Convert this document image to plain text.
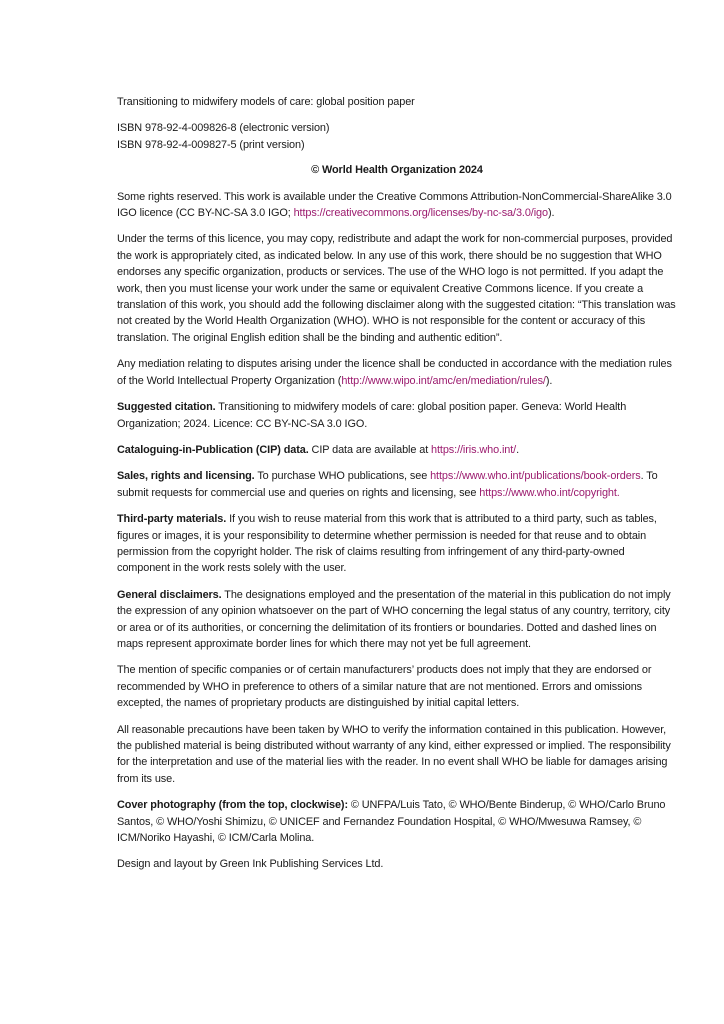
Transitioning to midwifery models of care: global position paper

ISBN 978-92-4-009826-8 (electronic version)

ISBN 978-92-4-009827-5 (print version)

© World Health Organization 2024

Some rights reserved. This work is available under the Creative Commons Attribution-NonCommercial-ShareAlike 3.0 IGO licence (CC BY-NC-SA 3.0 IGO; https://creativecommons.org/licenses/by-nc-sa/3.0/igo).

Under the terms of this licence, you may copy, redistribute and adapt the work for non-commercial purposes, provided the work is appropriately cited, as indicated below. In any use of this work, there should be no suggestion that WHO endorses any specific organization, products or services. The use of the WHO logo is not permitted. If you adapt the work, then you must license your work under the same or equivalent Creative Commons licence. If you create a translation of this work, you should add the following disclaimer along with the suggested citation: “This translation was not created by the World Health Organization (WHO). WHO is not responsible for the content or accuracy of this translation. The original English edition shall be the binding and authentic edition”.

Any mediation relating to disputes arising under the licence shall be conducted in accordance with the mediation rules of the World Intellectual Property Organization (http://www.wipo.int/amc/en/mediation/rules/).

Suggested citation. Transitioning to midwifery models of care: global position paper. Geneva: World Health Organization; 2024. Licence: CC BY-NC-SA 3.0 IGO.

Cataloguing-in-Publication (CIP) data. CIP data are available at https://iris.who.int/.

Sales, rights and licensing. To purchase WHO publications, see https://www.who.int/publications/book-orders. To submit requests for commercial use and queries on rights and licensing, see https://www.who.int/copyright.

Third-party materials. If you wish to reuse material from this work that is attributed to a third party, such as tables, figures or images, it is your responsibility to determine whether permission is needed for that reuse and to obtain permission from the copyright holder. The risk of claims resulting from infringement of any third-party-owned component in the work rests solely with the user.

General disclaimers. The designations employed and the presentation of the material in this publication do not imply the expression of any opinion whatsoever on the part of WHO concerning the legal status of any country, territory, city or area or of its authorities, or concerning the delimitation of its frontiers or boundaries. Dotted and dashed lines on maps represent approximate border lines for which there may not yet be full agreement.

The mention of specific companies or of certain manufacturers’ products does not imply that they are endorsed or recommended by WHO in preference to others of a similar nature that are not mentioned. Errors and omissions excepted, the names of proprietary products are distinguished by initial capital letters.

All reasonable precautions have been taken by WHO to verify the information contained in this publication. However, the published material is being distributed without warranty of any kind, either expressed or implied. The responsibility for the interpretation and use of the material lies with the reader. In no event shall WHO be liable for damages arising from its use.

Cover photography (from the top, clockwise): © UNFPA/Luis Tato, © WHO/Bente Binderup, © WHO/Carlo Bruno Santos, © WHO/Yoshi Shimizu, © UNICEF and Fernandez Foundation Hospital, © WHO/Mwesuwa Ramsey, © ICM/Noriko Hayashi, © ICM/Carla Molina.

Design and layout by Green Ink Publishing Services Ltd.
